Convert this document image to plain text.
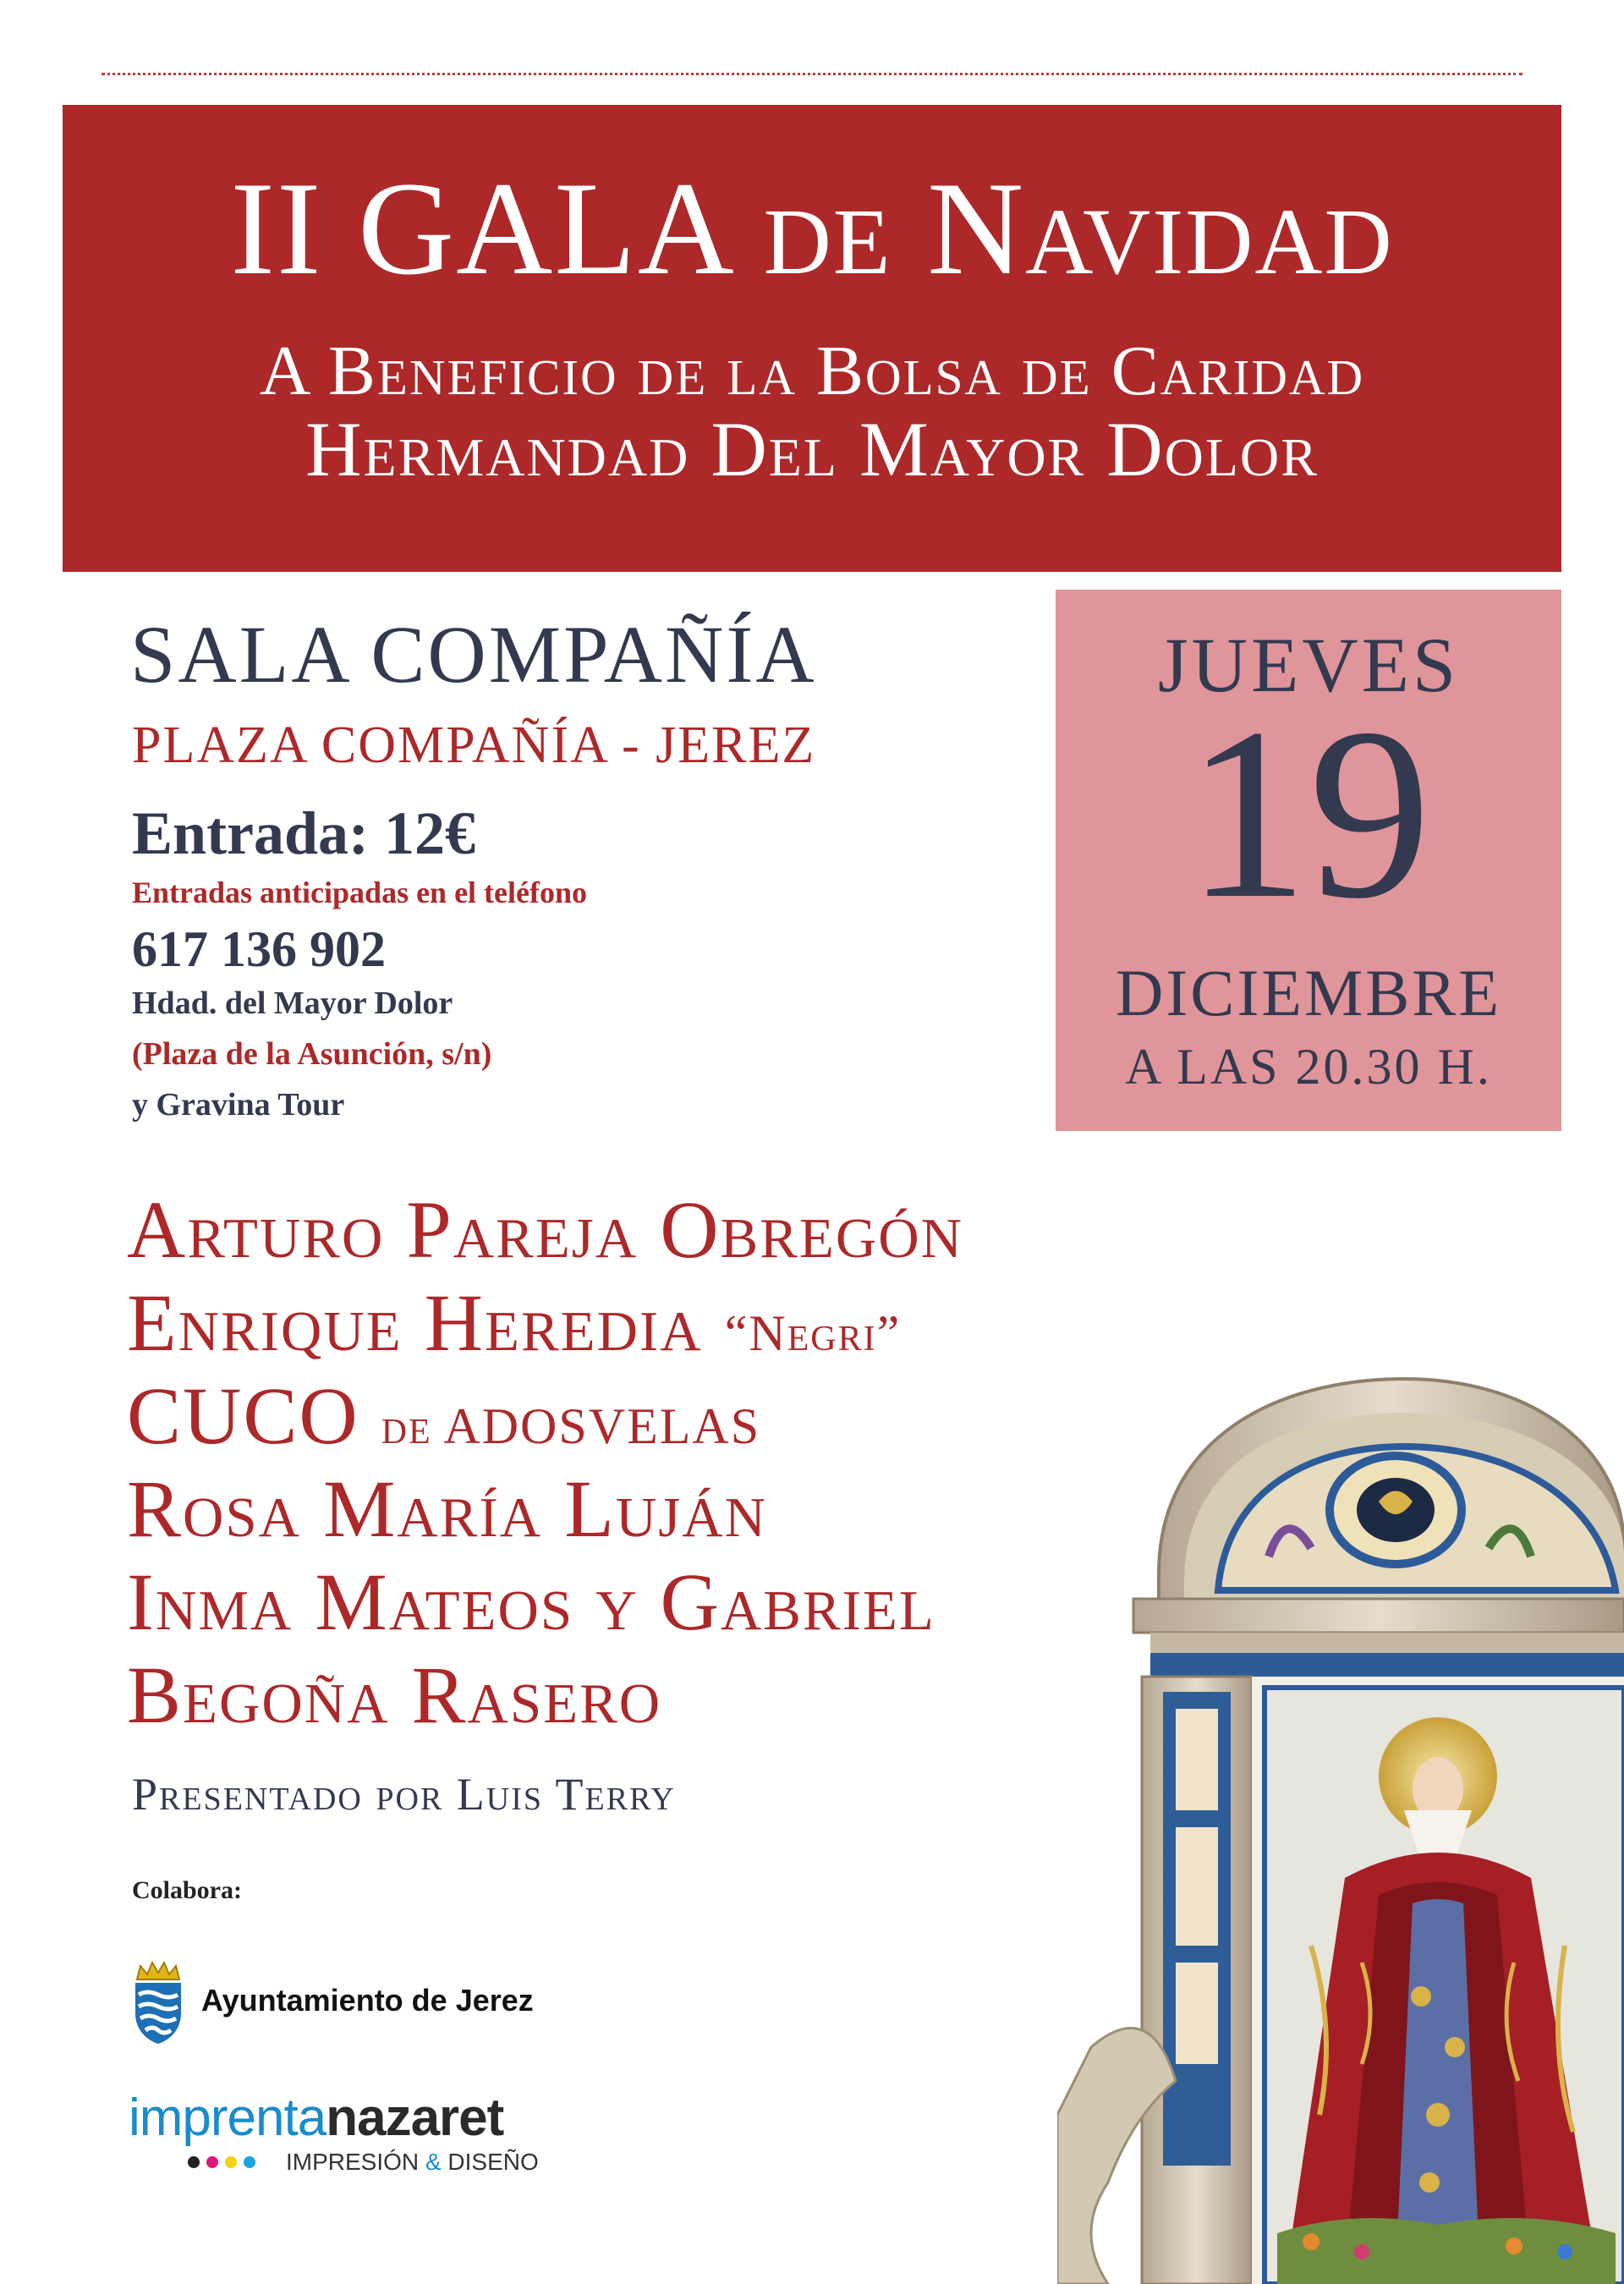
II GALA de Navidad
A Beneficio de la Bolsa de Caridad
Hermandad Del Mayor Dolor
SALA COMPAÑÍA
PLAZA COMPAÑÍA - JEREZ
Entrada: 12€
Entradas anticipadas en el teléfono
617 136 902
Hdad. del Mayor Dolor
(Plaza de la Asunción, s/n)
y Gravina Tour
JUEVES
19
DICIEMBRE
A LAS 20.30 H.
Arturo Pareja Obregón
Enrique Heredia “Negri”
CUCO de ADOSVELAS
Rosa María Luján
Inma Mateos y Gabriel
Begoña Rasero
Presentado por Luis Terry
Colabora:
Ayuntamiento de Jerez
imprentanazaret
IMPRESIÓN & DISEÑO
